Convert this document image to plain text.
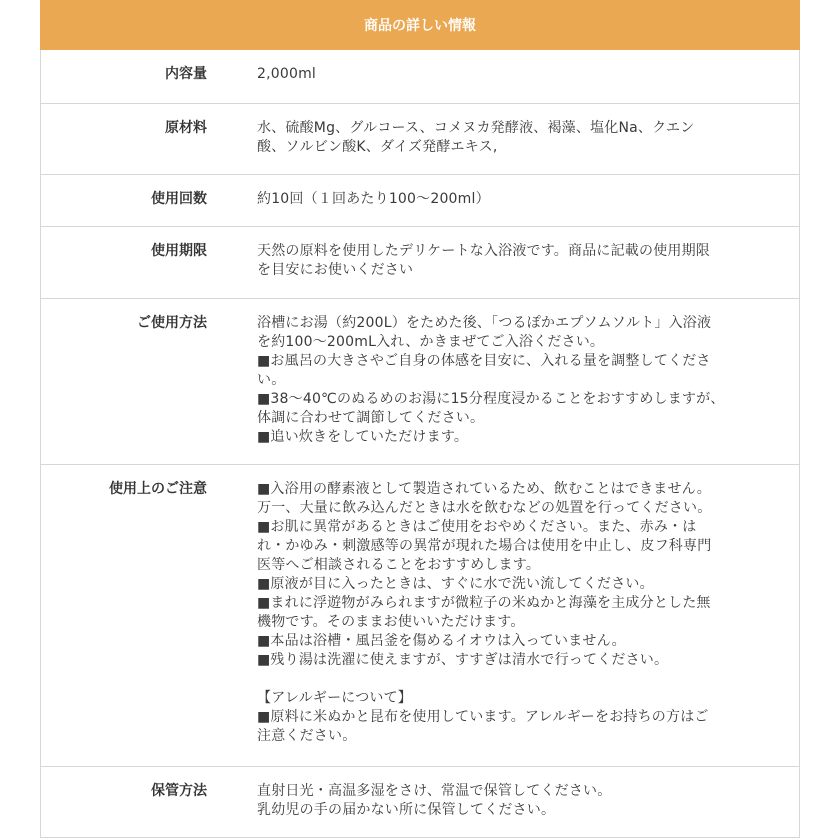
商品の詳しい情報
内容量	2,000ml
原材料	水、硫酸Mg、グルコース、コメヌカ発酵液、褐藻、塩化Na、クエン
酸、ソルビン酸K、ダイズ発酵エキス,
使用回数	約10回（１回あたり100～200ml）
使用期限	天然の原料を使用したデリケートな入浴液です。商品に記載の使用期限
を目安にお使いください
ご使用方法	浴槽にお湯（約200L）をためた後、「つるぽかエプソムソルト」入浴液
を約100～200mL入れ、かきまぜてご入浴ください。
■お風呂の大きさやご自身の体感を目安に、入れる量を調整してくださ
い。
■38～40℃のぬるめのお湯に15分程度浸かることをおすすめしますが、
体調に合わせて調節してください。
■追い炊きをしていただけます。
使用上のご注意	■入浴用の酵素液として製造されているため、飲むことはできません。
万一、大量に飲み込んだときは水を飲むなどの処置を行ってください。
■お肌に異常があるときはご使用をおやめください。また、赤み・は
れ・かゆみ・刺激感等の異常が現れた場合は使用を中止し、皮フ科専門
医等へご相談されることをおすすめします。
■原液が目に入ったときは、すぐに水で洗い流してください。
■まれに浮遊物がみられますが微粒子の米ぬかと海藻を主成分とした無
機物です。そのままお使いいただけます。
■本品は浴槽・風呂釜を傷めるイオウは入っていません。
■残り湯は洗濯に使えますが、すすぎは清水で行ってください。
【アレルギーについて】
■原料に米ぬかと昆布を使用しています。アレルギーをお持ちの方はご
注意ください。
保管方法	直射日光・高温多湿をさけ、常温で保管してください。
乳幼児の手の届かない所に保管してください。
